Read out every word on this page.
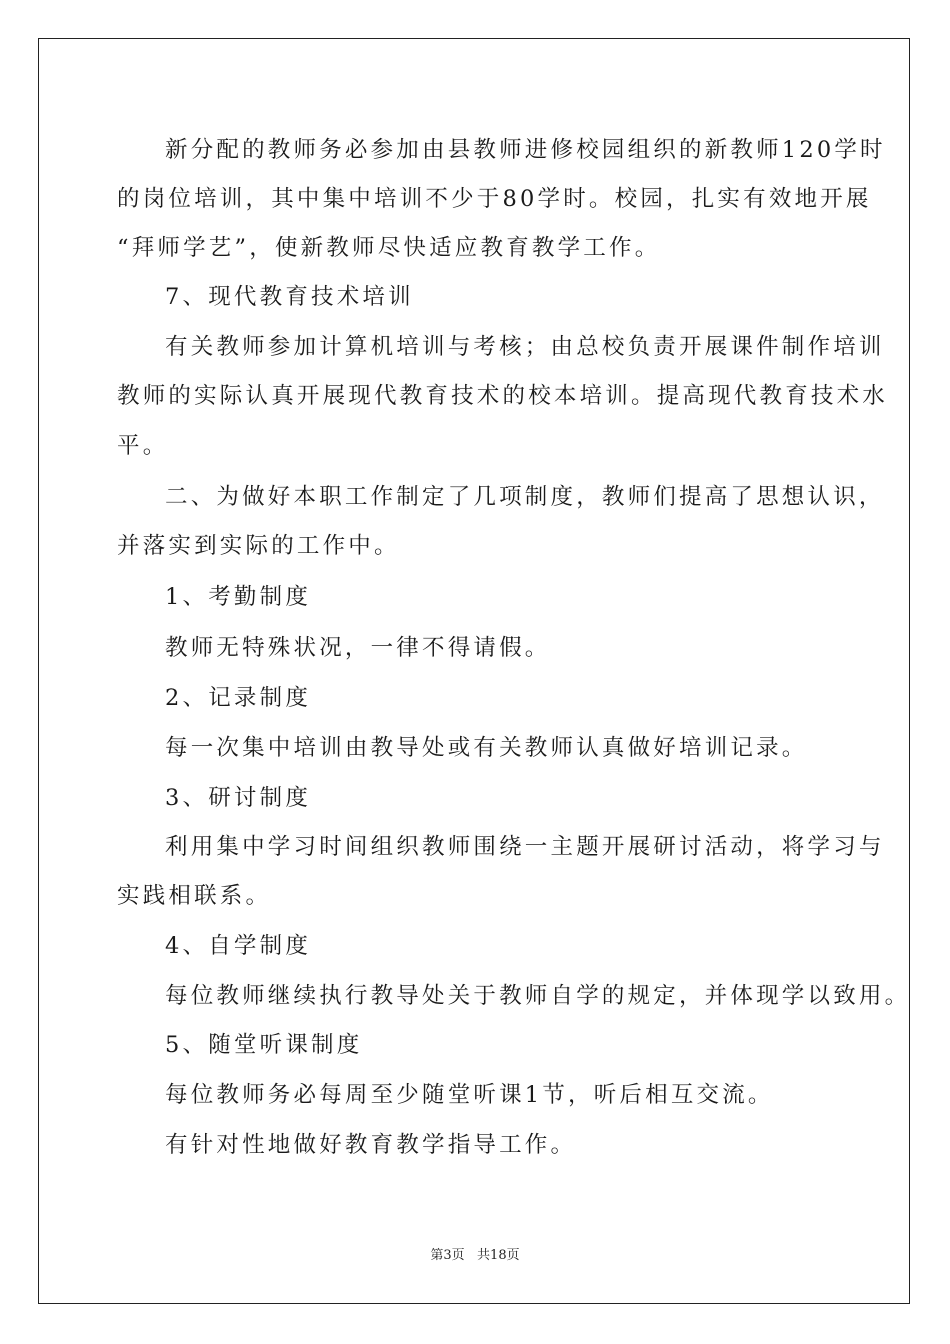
新分配的教师务必参加由县教师进修校园组织的新教师120学时
的岗位培训，其中集中培训不少于80学时。校园，扎实有效地开展
“拜师学艺”，使新教师尽快适应教育教学工作。
7、现代教育技术培训
有关教师参加计算机培训与考核；由总校负责开展课件制作培训
教师的实际认真开展现代教育技术的校本培训。提高现代教育技术水
平。
二、为做好本职工作制定了几项制度，教师们提高了思想认识，
并落实到实际的工作中。
1、考勤制度
教师无特殊状况，一律不得请假。
2、记录制度
每一次集中培训由教导处或有关教师认真做好培训记录。
3、研讨制度
利用集中学习时间组织教师围绕一主题开展研讨活动，将学习与
实践相联系。
4、自学制度
每位教师继续执行教导处关于教师自学的规定，并体现学以致用。
5、随堂听课制度
每位教师务必每周至少随堂听课1节，听后相互交流。
有针对性地做好教育教学指导工作。
第3页   共18页
